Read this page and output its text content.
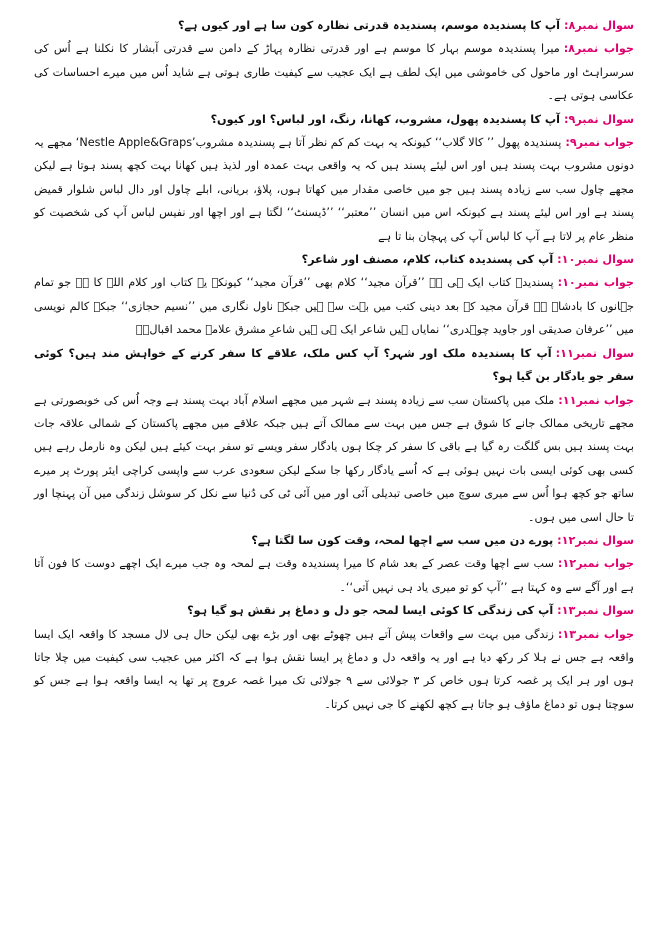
سوال نمبر۸:آپ کا پسندیدہ موسم، پسندیدہ قدرتی نظارہ کون سا ہے اور کیوں ہے؟

جواب نمبر۸:میرا پسندیدہ موسم بہار کا موسم ہے اور قدرتی نظارہ پہاڑ کے دامن سے قدرتی آبشار کا نکلنا ہے اُس کی سرسراہٹ اور ماحول کی خاموشی میں ایک لطف ہے ایک عجیب سے کیفیت طاری ہوتی ہے شاید اُس میں میرے احساسات کی عکاسی ہوتی ہے۔

سوال نمبر۹:آپ کا پسندیدہ پھول، مشروب، کھانا، رنگ، اور لباس؟ اور کیوں؟

جواب نمبر۹:پسندیدہ پھول ’’ کالا گلاب‘‘ کیونکہ یہ بہت کم کم نظر آتا ہے پسندیدہ مشروب’Nestle Apple&Graps‘ مجھے یہ دونوں مشروب بہت پسند ہیں اور اس لیئے پسند ہیں کہ یہ واقعی بہت عمدہ اور لذیذ ہیں کھانا بہت کچھ پسند ہوتا ہے لیکن مجھے چاول سب سے زیادہ پسند ہیں جو میں خاصی مقدار میں کھاتا ہوں، پلاؤ، بریانی، ابلے چاول اور دال لباس شلوار قمیض پسند ہے اور اس لیئے پسند ہے کیونکہ اس میں انسان ’’معتبر‘‘ ’’ڈیسنٹ‘‘ لگتا ہے اور اچھا اور نفیس لباس آپ کی شخصیت کو منظر عام پر لاتا ہے آپ کا لباس آپ کی پہچان بنا تا ہے

سوال نمبر۱۰:آپ کی پسندیدہ کتاب، کلام، مصنف اور شاعر؟

جواب نمبر۱۰:پسندیدہ کتاب ایک ہی ہے ’’قرآن مجید‘‘ کلام بھی ’’قرآن مجید‘‘ کیونکہ یہ کتاب اور کلام اللہ کا ہے جو تمام جہانوں کا بادشاہ ہے قرآن مجید کے بعد دینی کتب میں بہت سے ہیں جبکہ ناول نگاری میں ’’نسیم حجازی‘‘ جبکہ کالم نویسی میں ’’عرفان صدیقی اور جاوید چوہدری‘‘ نمایاں ہیں شاعر ایک ہی ہیں شاعرِ مشرق علامہ محمد اقبالؒ۔

سوال نمبر۱۱:آپ کا پسندیدہ ملک اور شہر؟ آپ کس ملک، علاقے کا سفر کرنے کے خواہش مند ہیں؟ کوئی سفر جو یادگار بن گیا ہو؟

جواب نمبر۱۱:ملک میں پاکستان سب سے زیادہ پسند ہے شہر میں مجھے اسلام آباد بہت پسند ہے وجہ اُس کی خوبصورتی ہے مجھے تاریخی ممالک جانے کا شوق ہے جس میں بہت سے ممالک آتے ہیں جبکہ علاقے میں مجھے پاکستان کے شمالی علاقہ جات بہت پسند ہیں بس گلگت رہ گیا ہے باقی کا سفر کر چکا ہوں یادگار سفر ویسے تو سفر بہت کیئے ہیں لیکن وہ نارمل رہے ہیں کسی بھی کوئی ایسی بات نہیں ہوئی ہے کہ اُسے یادگار رکھا جا سکے لیکن سعودی عرب سے واپسی کراچی ایئر پورٹ پر میرے ساتھ جو کچھ ہوا اُس سے میری سوچ میں خاصی تبدیلی آئی اور میں آئی ٹی کی دُنیا سے نکل کر سوشل زندگی میں آن پہنچا اور تا حال اسی میں ہوں۔

سوال نمبر۱۲:پورے دن میں سب سے اچھا لمحہ، وقت کون سا لگتا ہے؟

جواب نمبر۱۲:سب سے اچھا وقت عصر کے بعد شام کا میرا پسندیدہ وقت ہے لمحہ وہ جب میرے ایک اچھے دوست کا فون آتا ہے اور آگے سے وہ کہتا ہے ’’آپ کو تو میری یاد ہی نہیں آتی‘‘۔

سوال نمبر۱۳:آپ کی زندگی کا کوئی ایسا لمحہ جو دل و دماغ پر نقش ہو گیا ہو؟

جواب نمبر۱۳:زندگی میں بہت سے واقعات پیش آتے ہیں چھوٹے بھی اور بڑے بھی لیکن حال ہی لال مسجد کا واقعہ ایک ایسا واقعہ ہے جس نے ہلا کر رکھ دیا ہے اور یہ واقعہ دل و دماغ پر ایسا نقش ہوا ہے کہ اکثر میں عجیب سی کیفیت میں چلا جاتا ہوں اور ہر ایک پر غصہ کرتا ہوں خاص کر ۳ جولائی سے ۹ جولائی تک میرا غصہ عروج پر تھا یہ ایسا واقعہ ہوا ہے جس کو سوچتا ہوں تو دماغ ماؤف ہو جاتا ہے کچھ لکھنے کا جی نہیں کرتا۔
